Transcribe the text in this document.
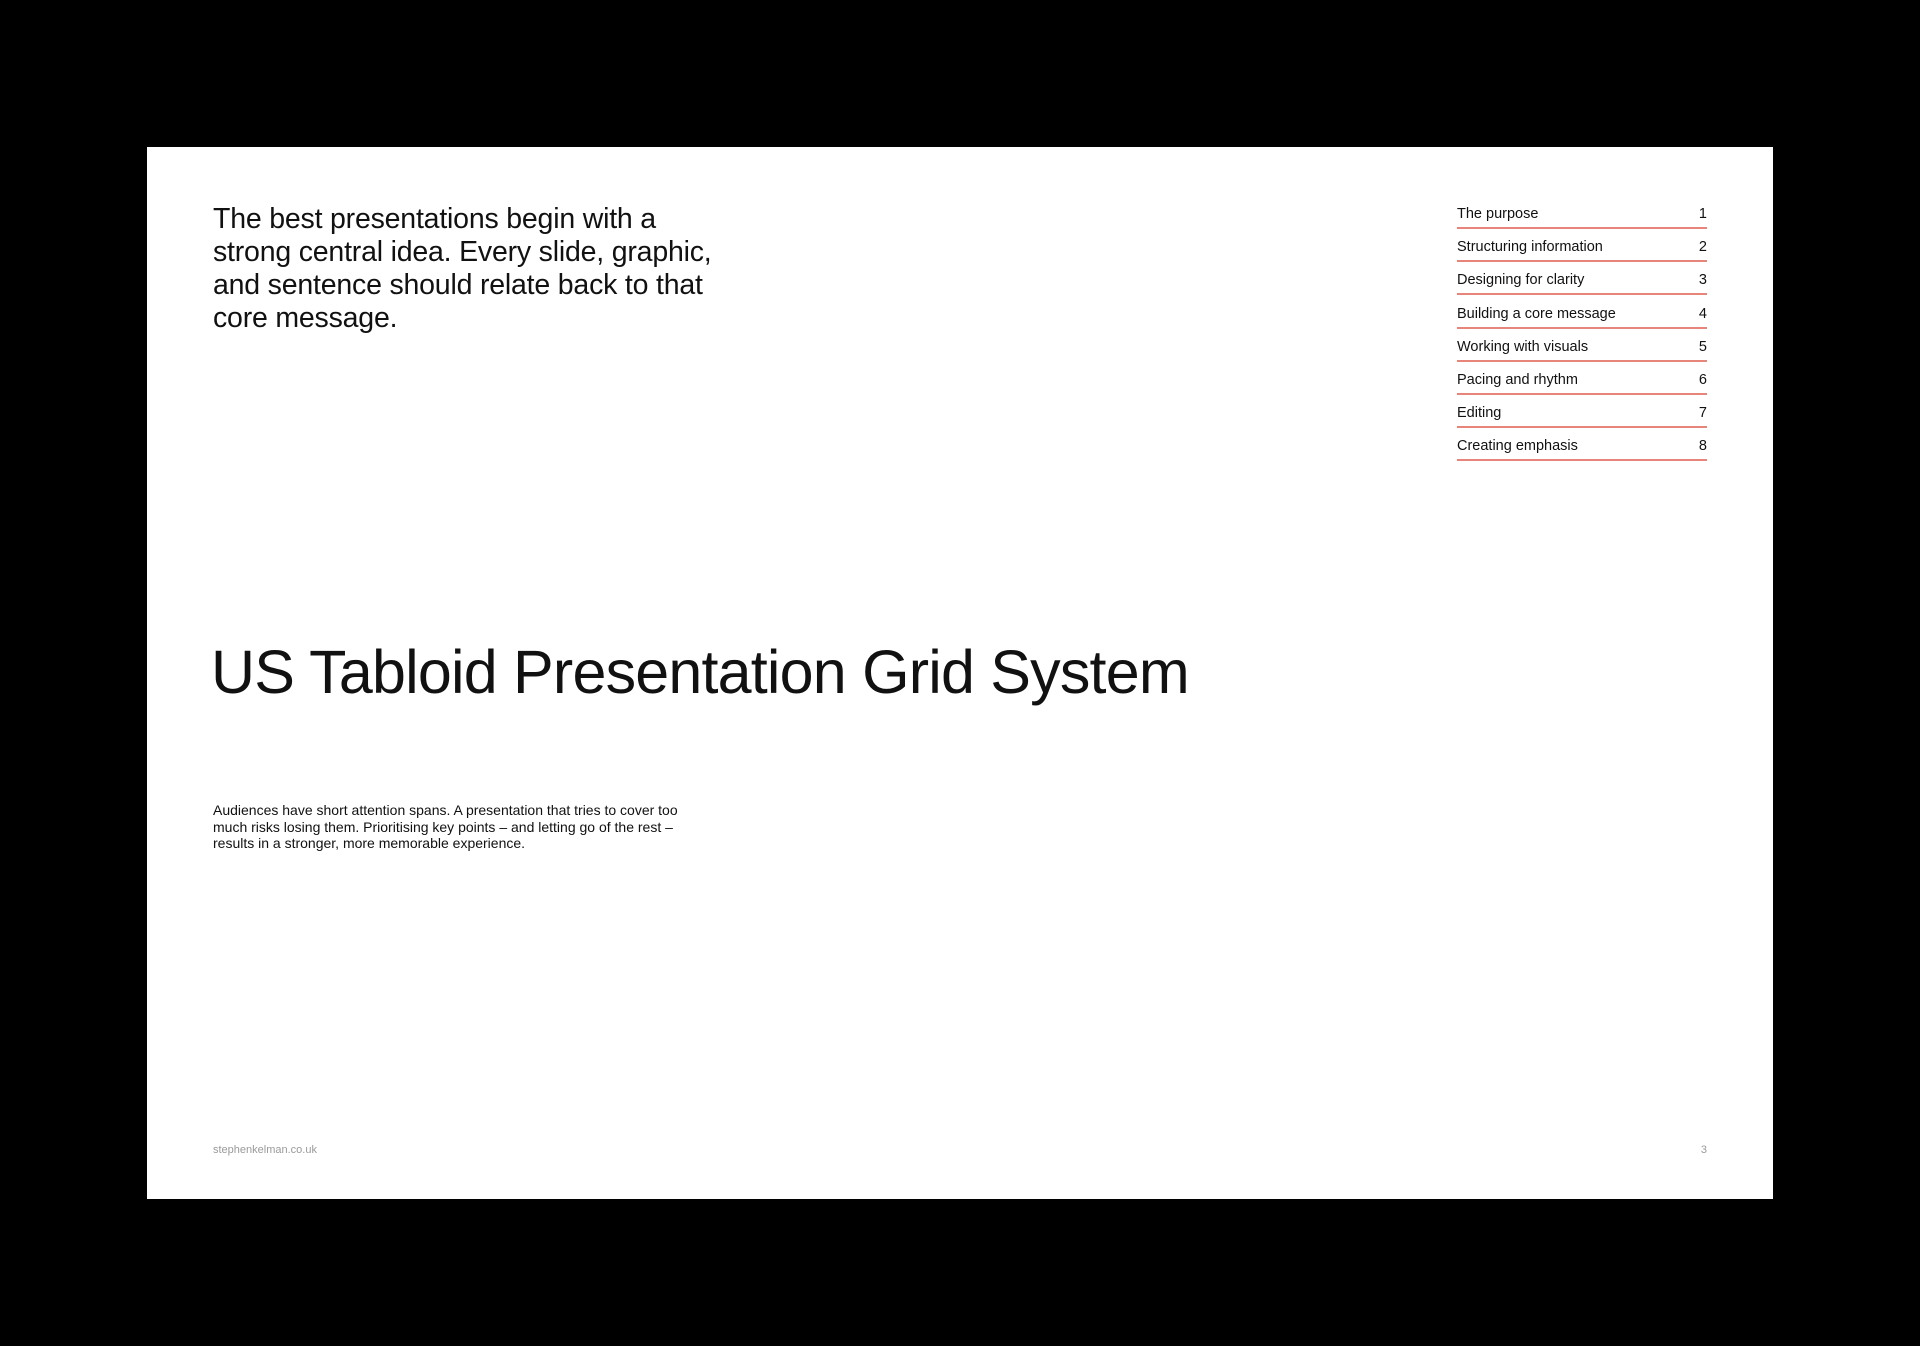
The best presentations begin with a strong central idea. Every slide, graphic, and sentence should relate back to that core message.

The purpose	1
Structuring information	2
Designing for clarity	3
Building a core message	4
Working with visuals	5
Pacing and rhythm	6
Editing	7
Creating emphasis	8
US Tabloid Presentation Grid System

Audiences have short attention spans. A presentation that tries to cover too much risks losing them. Prioritising key points – and letting go of the rest – results in a stronger, more memorable experience.

stephenkelman.co.uk	3
